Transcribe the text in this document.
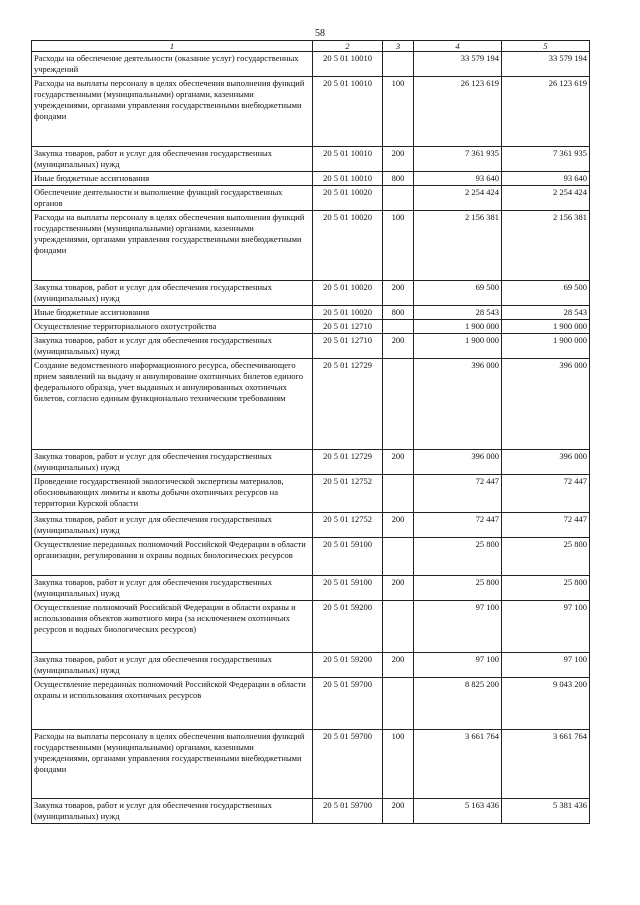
58
1	2	3	4	5
Расходы на обеспечение деятельности (оказание услуг) государственных учреждений	20 5 01 10010		33 579 194	33 579 194
Расходы на выплаты персоналу в целях обеспечения выполнения функций государственными (муниципальными) органами, казенными учреждениями, органами управления государственными внебюджетными фондами	20 5 01 10010	100	26 123 619	26 123 619
Закупка товаров, работ и услуг для обеспечения государственных (муниципальных) нужд	20 5 01 10010	200	7 361 935	7 361 935
Иные бюджетные ассигнования	20 5 01 10010	800	93 640	93 640
Обеспечение деятельности и выполнение функций государственных органов	20 5 01 10020		2 254 424	2 254 424
Расходы на выплаты персоналу в целях обеспечения выполнения функций государственными (муниципальными) органами, казенными учреждениями, органами управления государственными внебюджетными фондами	20 5 01 10020	100	2 156 381	2 156 381
Закупка товаров, работ и услуг для обеспечения государственных (муниципальных) нужд	20 5 01 10020	200	69 500	69 500
Иные бюджетные ассигнования	20 5 01 10020	800	28 543	28 543
Осуществление территориального охотустройства	20 5 01 12710		1 900 000	1 900 000
Закупка товаров, работ и услуг для обеспечения государственных (муниципальных) нужд	20 5 01 12710	200	1 900 000	1 900 000
Создание ведомственного информационного ресурса, обеспечивающего прием заявлений на выдачу и аннулирование охотничьих билетов единого федерального образца, учет выданных и аннулированных охотничьих билетов, согласно единым функционально техническим требованиям	20 5 01 12729		396 000	396 000
Закупка товаров, работ и услуг для обеспечения государственных (муниципальных) нужд	20 5 01 12729	200	396 000	396 000
Проведение государственной экологической экспертизы материалов, обосновывающих лимиты и квоты добычи охотничьих ресурсов на территории Курской области	20 5 01 12752		72 447	72 447
Закупка товаров, работ и услуг для обеспечения государственных (муниципальных) нужд	20 5 01 12752	200	72 447	72 447
Осуществление переданных полномочий Российской Федерации в области организации, регулирования и охраны водных биологических ресурсов	20 5 01 59100		25 800	25 800
Закупка товаров, работ и услуг для обеспечения государственных (муниципальных) нужд	20 5 01 59100	200	25 800	25 800
Осуществление полномочий Российской Федерации в области охраны и использования объектов животного мира (за исключением охотничьих ресурсов и водных биологических ресурсов)	20 5 01 59200		97 100	97 100
Закупка товаров, работ и услуг для обеспечения государственных (муниципальных) нужд	20 5 01 59200	200	97 100	97 100
Осуществление переданных полномочий Российской Федерации в области охраны и использования охотничьих ресурсов	20 5 01 59700		8 825 200	9 043 200
Расходы на выплаты персоналу в целях обеспечения выполнения функций государственными (муниципальными) органами, казенными учреждениями, органами управления государственными внебюджетными фондами	20 5 01 59700	100	3 661 764	3 661 764
Закупка товаров, работ и услуг для обеспечения государственных (муниципальных) нужд	20 5 01 59700	200	5 163 436	5 381 436
